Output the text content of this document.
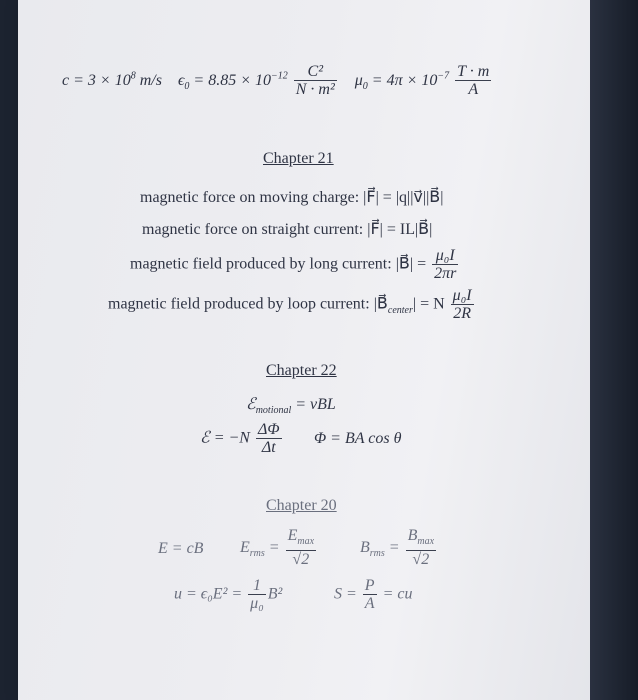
$c = 3 \times 10^8$ m/s $\epsilon_0 = 8.85 \times 10^{-12} \frac{\text{C²}}{\text{N · m²}} \mu_0 = 4\pi \times 10^{-7} \frac{T \cdot m}{A}$
Chapter 21
magnetic force on moving charge: |F⃗| = |q||v⃗||B⃗|
magnetic force on straight current: |F⃗| = IL|B⃗|
magnetic field produced by long current: |B⃗| = $\frac{\text{μ₀I}}{2\pi r}$
magnetic field produced by loop current: $|B⃗_{center}| = N \frac{\text{μ₀I}}{2R}$
Chapter 22
ℰ$_{motional}$ = vBL
ℰ = $-N \frac{\Delta\Phi}{\Delta t}$ Φ = BA cos θ
Chapter 20
E = cB $E_{rms} = \frac{E_{max}}{√2}$	$B_{rms} = \frac{B_{max}}{√2}$
$u = \epsilon_0E^2 = \frac{1}{\text{μ₀}} B^2$	$S = \frac{P}{A}$ = cu
